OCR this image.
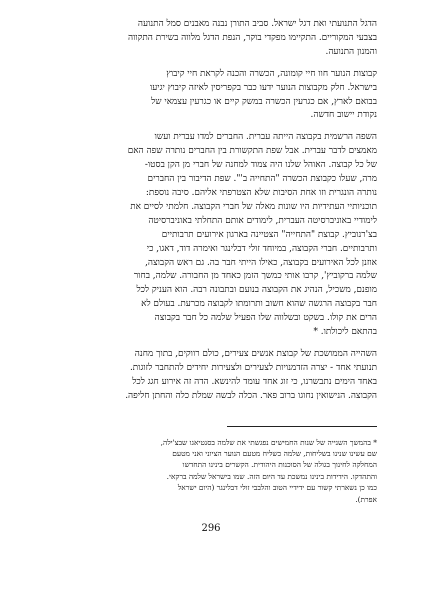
הדגל התנועתי ואת דגל ישראל. סביב התורן נבנה מאבנים סמל התנועה
בצבעי המקוריים. התקיימו מפקדי בוקר, הנפת הדגל מלווה בשירת התקווה
והמנון התנועה.

קבוצות הנוער חוו חיי קומונה, הכשרה והכנה לקראת חיי קיבוץ
בישראל. חלק מקבוצות הנוער ידעו כבר בקפריסין לאיזה קיבוץ יגיעו
בבואם לארץ, אם כגרעין הכשרה במשק קיים או כגרעין עצמאי של
נקודת יישוב חדשה.

השפה הרשמית בקבוצה הייתה עברית. החברים למדו עברית ועשו
מאמצים לדבר עברית. אבל שפת התקשורת בין החברים נותרה שפה האם
של כל קבוצה. האוהל שלנו היה צמוד למחנה של חברי מן הקן בסטו-
מרה, שעלו כקבוצת הכשרה "התחייה ב'". שפת הדיבור בין החברים
נותרה הונגרית וזו אחת הסיבות שלא הצטרפתי אליהם. סיבה נוספת:
תוכניותיי העתידיות היו שונות מאלה של חברי הקבוצה. חלמתי לסיים את
לימודיי באוניברסיטה העברית, לימודים אותם התחלתי באוניברסיטה
בצ'רנוביץ. קבוצת "התחייה" הצטיינה בארגון אירועים תרבותיים
ותרבותיים. חברי הקבוצה, במיוחד זולי דבלינגר ואימרה דוד, דאגו, כי
אוזנן לכל האירועים בקבוצה, כאילו הייתי חבר בה. גם ראש הקבוצה,
שלמה ברקוביץ', קרבו אותי כמשך הזמן כאחד מן החבורה. שלמה, בחור
מופנם, משכיל, הנהיג את הקבוצה בנועם ובתבונה רבה. הוא העניק לכל
חבר בקבוצה הרגשה שהוא חשוב ותרומתו לקבוצה מכרעת. בעולם לא
הרים את קולו. בשקט ובשלווה שלו הפעיל שלמה כל חבר בקבוצה
בהתאם ליכולתו. *

השהייה הממושכת של קבוצת אנשים צעירים, כולם רווקים, בתוך מחנה
תנועתי אחד - יצרה הזדמנויות לצעירים ולצעירות יחידים להתחבר לזוגות.
באחד הימים נתבשרנו, כי זוג אחד עומד להינשא. הדה זה אירוע חגג לכל
הקבוצה. הנישואין נחוגו ברוב פאר. הכלה לבשה שמלת כלה והחתן חליפה.

* בהמשך השנייה של שנות החמישים נפגשתי את שלמה בסנטיאגו שבצ'ילה,
שם עשינו שנינו בשליחות, שלמה כשליח מטעם הנוער הציוני ואני מטעם
המחלקה לחינוך בגולה של הסוכנות היהודית. הקשרים בינינו התחדשו
והתהדקו. הידידות בינינו נמשכת עד היום הזה. שמו בישראל שלמה ברקאי.
כמו כן נשארתי קשור עם ידידיי הטוב והלבבי זולי דבלינגר (היום ישראל
אפרת).
296
